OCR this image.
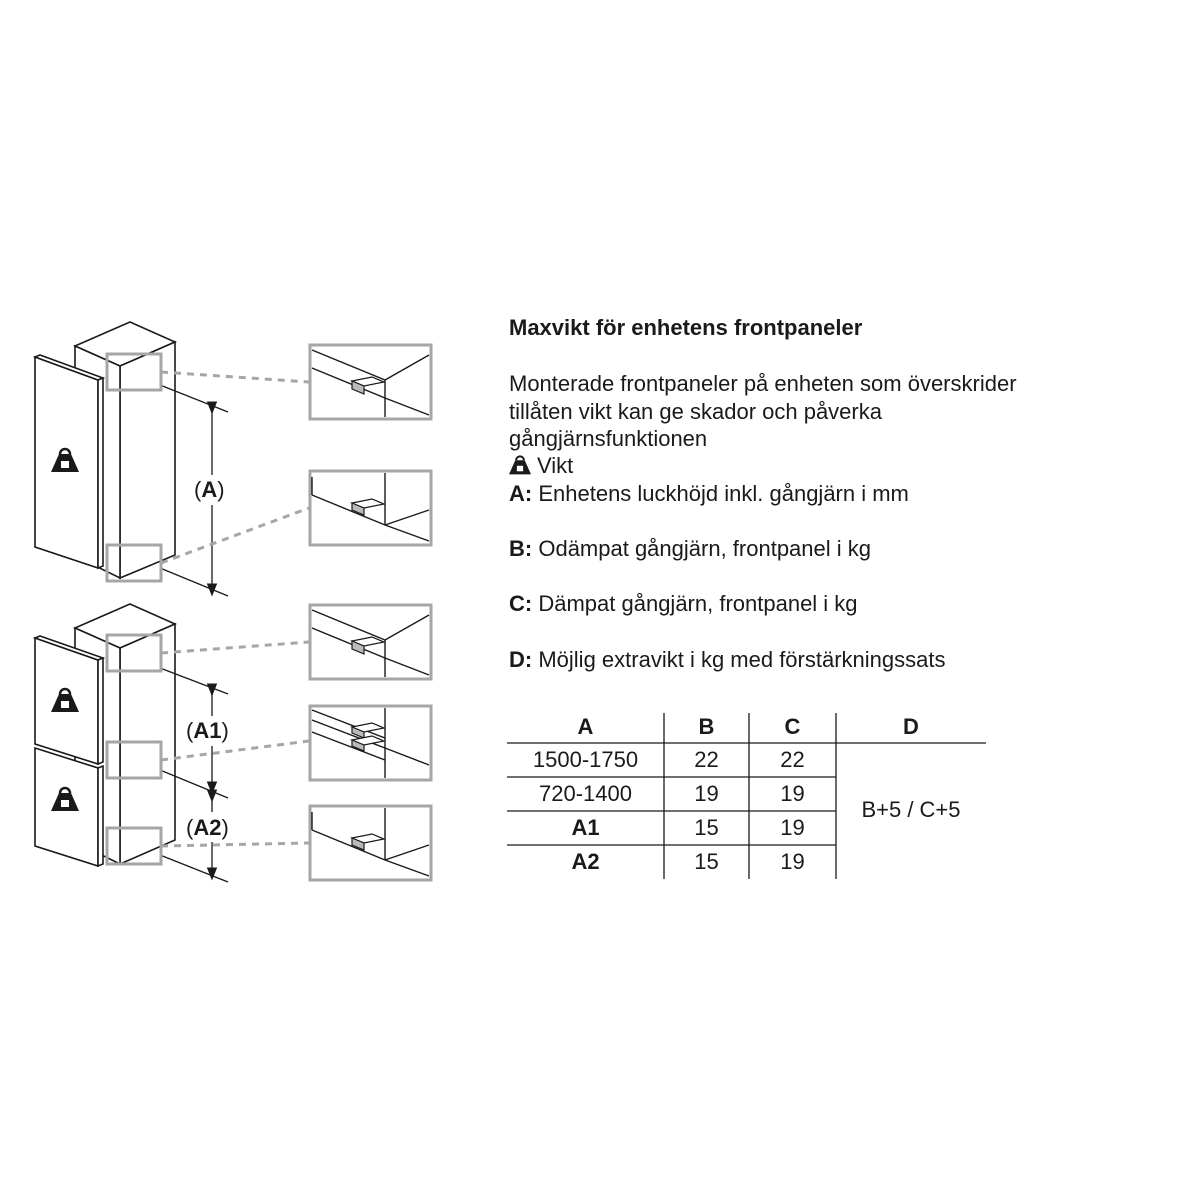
(A)
(A1)
(A2)
Maxvikt för enhetens frontpaneler
Monterade frontpaneler på enheten som överskrider
tillåten vikt kan ge skador och påverka
gångjärnsfunktionen
Vikt
A: Enhetens luckhöjd inkl. gångjärn i mm
B: Odämpat gångjärn, frontpanel i kg
C: Dämpat gångjärn, frontpanel i kg
D: Möjlig extravikt i kg med förstärkningssats
A	B	C	D
1500-1750	22	22
720-1400	19	19
A1	15	19
A2	15	19
B+5 / C+5
